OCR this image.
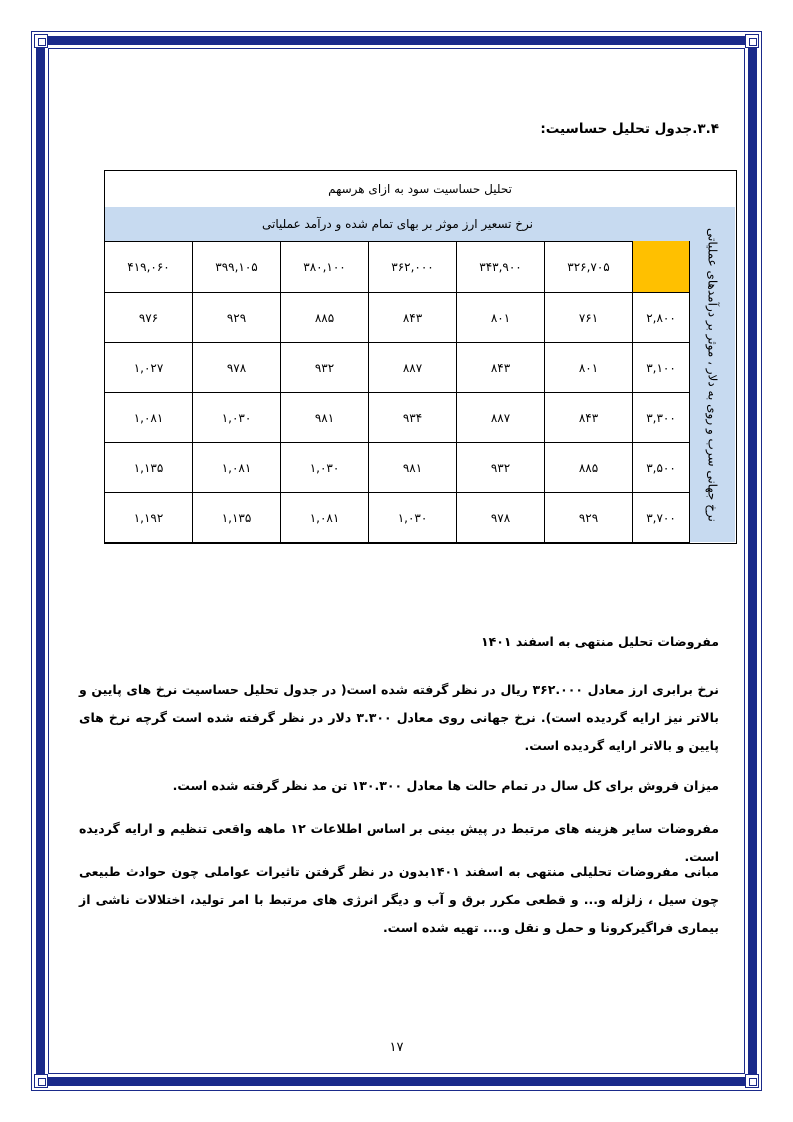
۳.۴.جدول تحلیل حساسیت:
تحلیل حساسیت سود به ازای هرسهم
نرخ تسعیر ارز موثر بر بهای تمام شده و درآمد عملیاتی
نرخ جهانی سرب و روی به دلار ، موثر بر درآمدهای عملیاتی
۴۱۹,۰۶۰	۳۹۹,۱۰۵	۳۸۰,۱۰۰	۳۶۲,۰۰۰	۳۴۳,۹۰۰	۳۲۶,۷۰۵
۹۷۶	۹۲۹	۸۸۵	۸۴۳	۸۰۱	۷۶۱	۲,۸۰۰
۱,۰۲۷	۹۷۸	۹۳۲	۸۸۷	۸۴۳	۸۰۱	۳,۱۰۰
۱,۰۸۱	۱,۰۳۰	۹۸۱	۹۳۴	۸۸۷	۸۴۳	۳,۳۰۰
۱,۱۳۵	۱,۰۸۱	۱,۰۳۰	۹۸۱	۹۳۲	۸۸۵	۳,۵۰۰
۱,۱۹۲	۱,۱۳۵	۱,۰۸۱	۱,۰۳۰	۹۷۸	۹۲۹	۳,۷۰۰
مفروضات تحلیل منتهی به اسفند ۱۴۰۱
نرخ برابری ارز معادل ۳۶۲.۰۰۰ ریال در نظر گرفته شده است( در جدول تحلیل حساسیت نرخ های پایین و بالاتر نیز ارایه گردیده است). نرخ جهانی روی معادل ۳.۳۰۰ دلار در نظر گرفته شده است گرچه نرخ های پایین و بالاتر ارایه گردیده است.
میزان فروش برای کل سال در تمام حالت ها معادل ۱۳۰.۳۰۰ تن مد نظر گرفته شده است.
مفروضات سایر هزینه های مرتبط در پیش بینی بر اساس اطلاعات ۱۲ ماهه واقعی تنظیم و ارایه گردیده است.
مبانی مفروضات تحلیلی منتهی به اسفند ۱۴۰۱بدون در نظر گرفتن تاثیرات عواملی چون حوادث طبیعی چون سیل ، زلزله و... و قطعی مکرر برق و آب و دیگر انرژی های مرتبط با امر تولید، اختلالات ناشی از بیماری فراگیرکرونا و حمل و نقل و.... تهیه شده است.
۱۷
